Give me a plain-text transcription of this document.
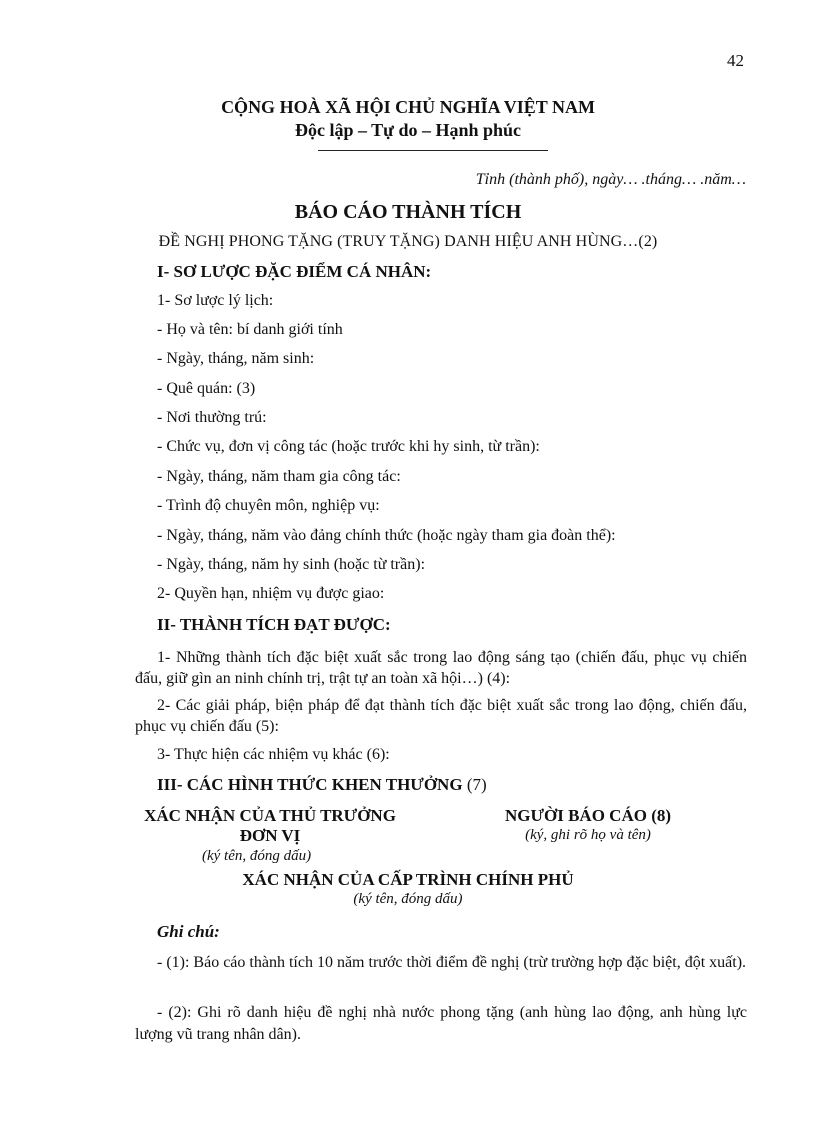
42
CỘNG HOÀ XÃ HỘI CHỦ NGHĨA VIỆT NAM
Độc lập – Tự do – Hạnh phúc
Tỉnh (thành phố), ngày… .tháng… .năm…
BÁO CÁO THÀNH TÍCH
ĐỀ NGHỊ PHONG TẶNG (TRUY TẶNG) DANH HIỆU ANH HÙNG…(2)
I- SƠ LƯỢC ĐẶC ĐIỂM CÁ NHÂN:
1- Sơ lược lý lịch:
- Họ và tên: bí danh giới tính
- Ngày, tháng, năm sinh:
- Quê quán: (3)
- Nơi thường trú:
- Chức vụ, đơn vị công tác (hoặc trước khi hy sinh, từ trần):
- Ngày, tháng, năm tham gia công tác:
- Trình độ chuyên môn, nghiệp vụ:
- Ngày, tháng, năm vào đảng chính thức (hoặc ngày tham gia đoàn thể):
- Ngày, tháng, năm hy sinh (hoặc từ trần):
2- Quyền hạn, nhiệm vụ được giao:
II- THÀNH TÍCH ĐẠT ĐƯỢC:
1- Những thành tích đặc biệt xuất sắc trong lao động sáng tạo (chiến đấu, phục vụ chiến đấu, giữ gìn an ninh chính trị, trật tự an toàn xã hội…) (4):
2- Các giải pháp, biện pháp để đạt thành tích đặc biệt xuất sắc trong lao động, chiến đấu, phục vụ chiến đấu (5):
3- Thực hiện các nhiệm vụ khác (6):
III- CÁC HÌNH THỨC KHEN THƯỞNG (7)
XÁC NHẬN CỦA THỦ TRƯỞNG
ĐƠN VỊ
(ký tên, đóng dấu)
NGƯỜI BÁO CÁO (8)
(ký, ghi rõ họ và tên)
XÁC NHẬN CỦA CẤP TRÌNH CHÍNH PHỦ
(ký tên, đóng dấu)
Ghi chú:
- (1): Báo cáo thành tích 10 năm trước thời điểm đề nghị (trừ trường hợp đặc biệt, đột xuất).
- (2): Ghi rõ danh hiệu đề nghị nhà nước phong tặng (anh hùng lao động, anh hùng lực lượng vũ trang nhân dân).
